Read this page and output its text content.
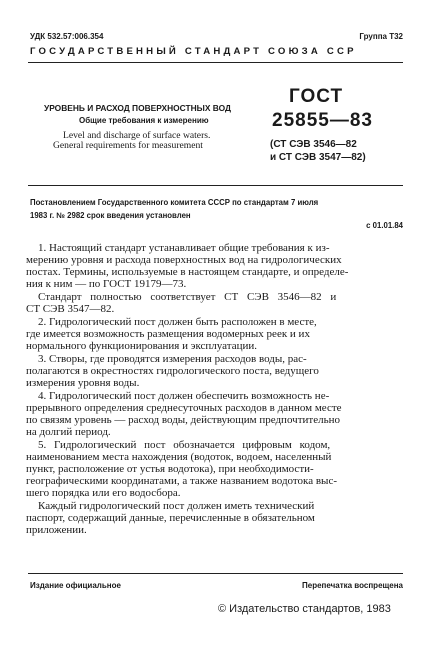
УДК 532.57:006.354	Группа Т32
ГОСУДАРСТВЕННЫЙ СТАНДАРТ СОЮЗА ССР
УРОВЕНЬ И РАСХОД ПОВЕРХНОСТНЫХ ВОД
Общие требования к измерению
Level and discharge of surface waters.
General requirements for measurement
ГОСТ
25855—83
(СТ СЭВ 3546—82
и СТ СЭВ 3547—82)
Постановлением Государственного комитета СССР по стандартам 7 июля
1983 г. № 2982 срок введения установлен
с 01.01.84
1. Настоящий стандарт устанавливает общие требования к из-
мерению уровня и расхода поверхностных вод на гидрологических
постах. Термины, используемые в настоящем стандарте, и определе-
ния к ним — по ГОСТ 19179—73.
Стандарт полностью соответствует СТ СЭВ 3546—82 и
СТ СЭВ 3547—82.
2. Гидрологический пост должен быть расположен в месте,
где имеется возможность размещения водомерных реек и их
нормального функционирования и эксплуатации.
3. Створы, где проводятся измерения расходов воды, рас-
полагаются в окрестностях гидрологического поста, ведущего
измерения уровня воды.
4. Гидрологический пост должен обеспечить возможность не-
прерывного определения среднесуточных расходов в данном месте
по связям уровень — расход воды, действующим предпочтительно
на долгий период.
5. Гидрологический пост обозначается цифровым кодом,
наименованием места нахождения (водоток, водоем, населенный
пункт, расположение от устья водотока), при необходимости-
географическими координатами, а также названием водотока выс-
шего порядка или его водосбора.
Каждый гидрологический пост должен иметь технический
паспорт, содержащий данные, перечисленные в обязательном
приложении.
Издание официальное	Перепечатка воспрещена
© Издательство стандартов, 1983
